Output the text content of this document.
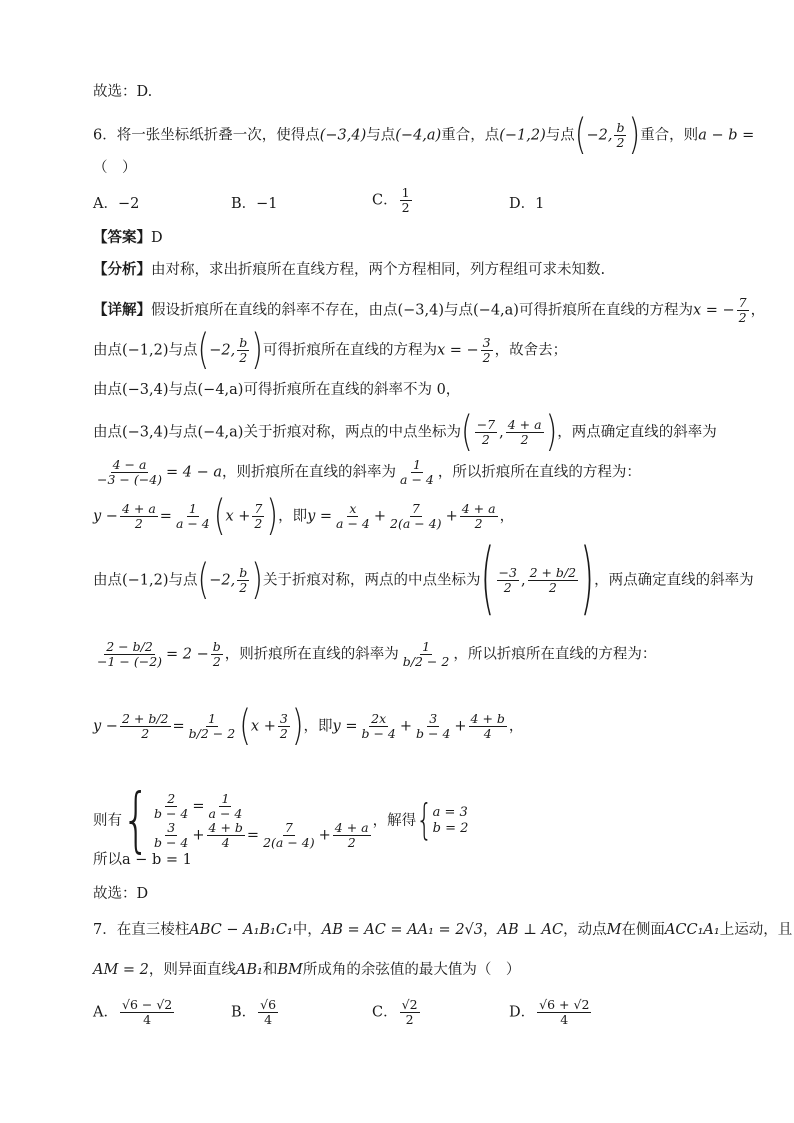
故选：D.
6．将一张坐标纸折叠一次，使得点(−3,4)与点(−4,a)重合，点(−1,2)与点(−2, $\frac{b}{2}$ )重合，则a − b =
（　）
A．−2	B．−1	C． $\frac{1}{2}$	D．1
【答案】D
【分析】由对称，求出折痕所在直线方程，两个方程相同，列方程组可求未知数.
【详解】假设折痕所在直线的斜率不存在，由点(−3,4)与点(−4,a)可得折痕所在直线的方程为x = − $\frac{7}{2}$ ，
由点(−1,2)与点(−2, $\frac{b}{2}$ )可得折痕所在直线的方程为x = − $\frac{3}{2}$ ，故舍去；
由点(−3,4)与点(−4,a)可得折痕所在直线的斜率不为 0，
由点(−3,4)与点(−4,a)关于折痕对称，两点的中点坐标为( $\frac{-7}{2}$ , $\frac{4 + a}{2}$ )，两点确定直线的斜率为
$\frac{4 - a}{-3 - (-4)} = 4 - a$，则折痕所在直线的斜率为 $\frac{1}{a - 4}$ ，所以折痕所在直线的方程为：
$y - \frac{4 + a}{2} = \frac{1}{a - 4} (x + \frac{7}{2}$ )，即$y = \frac{x}{a - 4} + \frac{7}{2(a - 4)} + \frac{4 + a}{2}$ ，
由点(−1,2)与点(−2, $\frac{b}{2}$ )关于折痕对称，两点的中点坐标为( $\frac{-3}{2}$ , $\frac{2 + b/2}{2}$ )，两点确定直线的斜率为
$\frac{2 - b/2}{-1 - (-2)} = 2 - \frac{b}{2}$ ，则折痕所在直线的斜率为 $\frac{1}{b/2 - 2}$ ，所以折痕所在直线的方程为：
$y - \frac{2 + b/2}{2} = \frac{1}{b/2 - 2} (x + \frac{3}{2}$ )，即$y = \frac{2x}{b - 4} + \frac{3}{b - 4} + \frac{4 + b}{4}$ ，
则有 { $\frac{2}{b - 4} = \frac{1}{a - 4}$
$\frac{3}{b - 4} + \frac{4 + b}{4} = \frac{7}{2(a - 4)} + \frac{4 + a}{2}$ ，解得 { a = 3
b = 2
所以a − b = 1
故选：D
7．在直三棱柱ABC − A₁B₁C₁中，AB = AC = AA₁ = 2√3，AB ⊥ AC，动点M在侧面ACC₁A₁上运动，且
AM = 2，则异面直线AB₁和BM所成角的余弦值的最大值为（　）
A． $\frac{√6 - √2}{4}$	B． $\frac{√6}{4}$	C． $\frac{√2}{2}$	D． $\frac{√6 + √2}{4}$
